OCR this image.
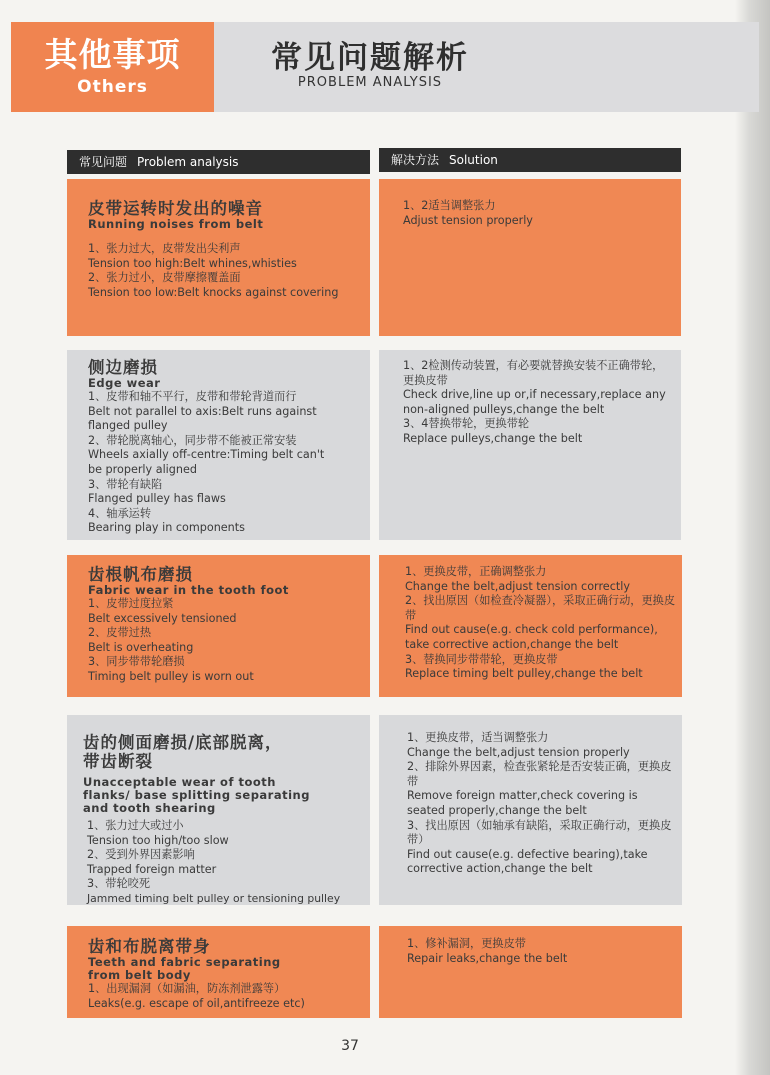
其他事项
Others
常见问题解析
PROBLEM ANALYSIS
常见问题 Problem analysis	解决方法 Solution
皮带运转时发出的噪音
Running noises from belt
1、张力过大，皮带发出尖利声
Tension too high:Belt whines,whisties
2、张力过小，皮带摩擦覆盖面
Tension too low:Belt knocks against covering
1、2适当调整张力
Adjust tension properly
侧边磨损
Edge wear
1、皮带和轴不平行，皮带和带轮背道而行
Belt not parallel to axis:Belt runs against
flanged pulley
2、带轮脱离轴心，同步带不能被正常安装
Wheels axially off-centre:Timing belt can't
be properly aligned
3、带轮有缺陷
Flanged pulley has flaws
4、轴承运转
Bearing play in components
1、2检测传动装置，有必要就替换安装不正确带轮，更换皮带
Check drive,line up or,if necessary,replace any non-aligned pulleys,change the belt
3、4替换带轮，更换带轮
Replace pulleys,change the belt
齿根帆布磨损
Fabric wear in the tooth foot
1、皮带过度拉紧
Belt excessively tensioned
2、皮带过热
Belt is overheating
3、同步带带轮磨损
Timing belt pulley is worn out
1、更换皮带，正确调整张力
Change the belt,adjust tension correctly
2、找出原因（如检查冷凝器），采取正确行动，更换皮带
Find out cause(e.g. check cold performance), take corrective action,change the belt
3、替换同步带带轮，更换皮带
Replace timing belt pulley,change the belt
齿的侧面磨损/底部脱离，
带齿断裂
Unacceptable wear of tooth
flanks/ base splitting separating
and tooth shearing
1、张力过大或过小
Tension too high/too slow
2、受到外界因素影响
Trapped foreign matter
3、带轮咬死
Jammed timing belt pulley or tensioning pulley
1、更换皮带，适当调整张力
Change the belt,adjust tension properly
2、排除外界因素，检查张紧轮是否安装正确，更换皮带
Remove foreign matter,check covering is seated properly,change the belt
3、找出原因（如轴承有缺陷，采取正确行动，更换皮带）
Find out cause(e.g. defective bearing),take corrective action,change the belt
齿和布脱离带身
Teeth and fabric separating
from belt body
1、出现漏洞（如漏油，防冻剂泄露等）
Leaks(e.g. escape of oil,antifreeze etc)
1、修补漏洞，更换皮带
Repair leaks,change the belt
37
